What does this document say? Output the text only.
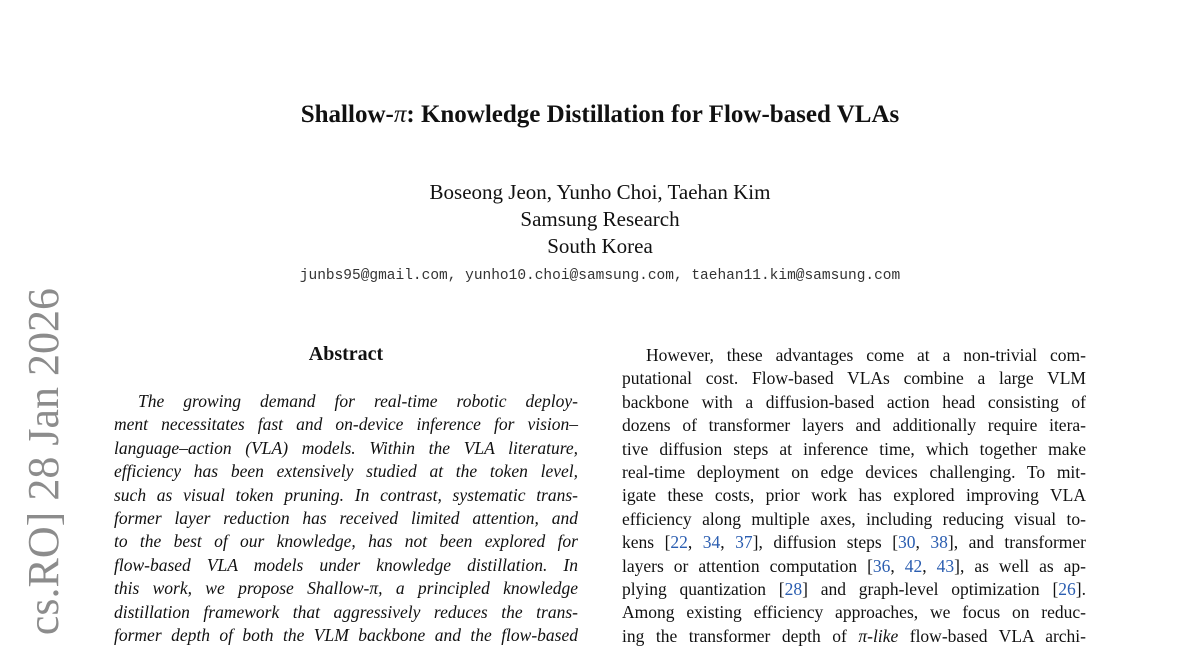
cs.RO] 28 Jan 2026
Shallow-π: Knowledge Distillation for Flow-based VLAs
Boseong Jeon, Yunho Choi, Taehan Kim
Samsung Research
South Korea
junbs95@gmail.com, yunho10.choi@samsung.com, taehan11.kim@samsung.com
Abstract
The growing demand for real-time robotic deploy-
ment necessitates fast and on-device inference for vision–
language–action (VLA) models. Within the VLA literature,
efficiency has been extensively studied at the token level,
such as visual token pruning. In contrast, systematic trans-
former layer reduction has received limited attention, and
to the best of our knowledge, has not been explored for
flow-based VLA models under knowledge distillation. In
this work, we propose Shallow-π, a principled knowledge
distillation framework that aggressively reduces the trans-
former depth of both the VLM backbone and the flow-based
However, these advantages come at a non-trivial com-
putational cost. Flow-based VLAs combine a large VLM
backbone with a diffusion-based action head consisting of
dozens of transformer layers and additionally require itera-
tive diffusion steps at inference time, which together make
real-time deployment on edge devices challenging. To mit-
igate these costs, prior work has explored improving VLA
efficiency along multiple axes, including reducing visual to-
kens [22, 34, 37], diffusion steps [30, 38], and transformer
layers or attention computation [36, 42, 43], as well as ap-
plying quantization [28] and graph-level optimization [26].
Among existing efficiency approaches, we focus on reduc-
ing the transformer depth of π-like flow-based VLA archi-
